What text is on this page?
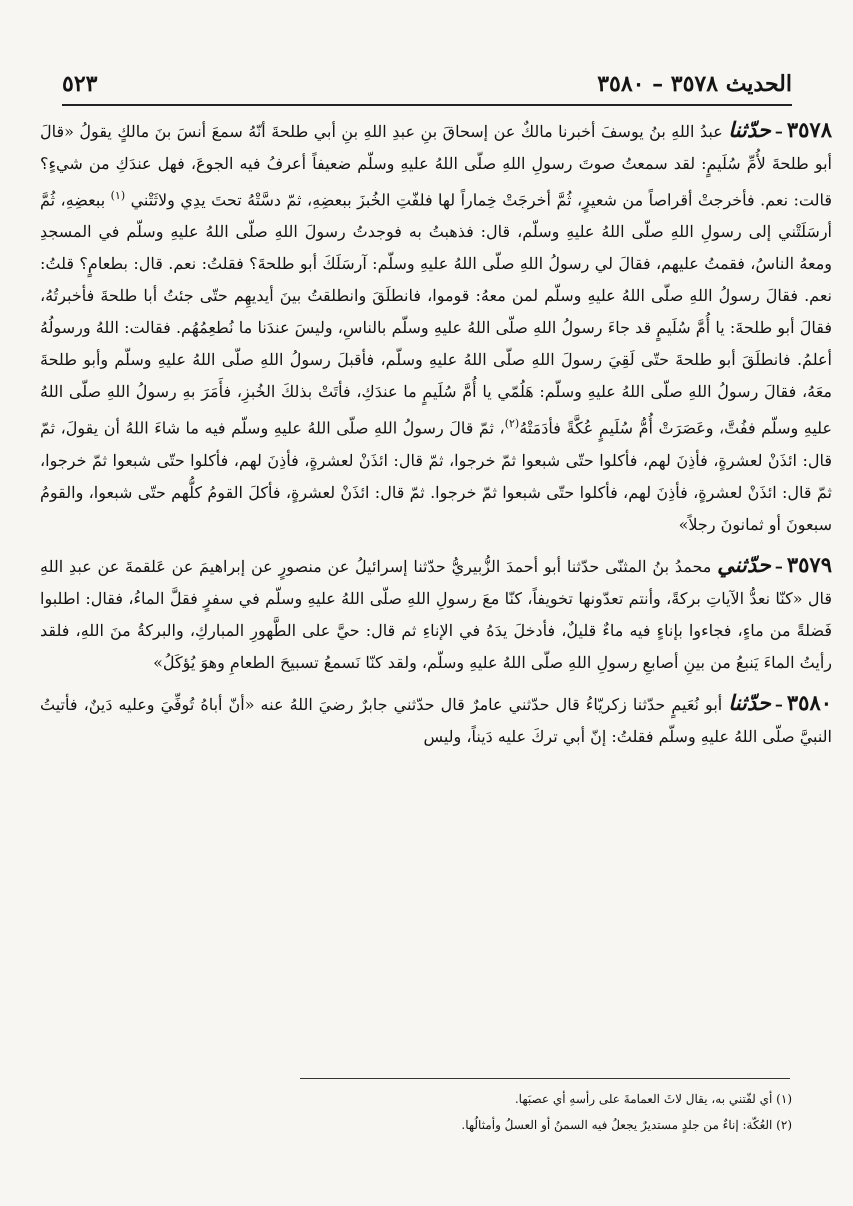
الحديث ٣٥٧٨ – ٣٥٨٠
٥٢٣

٣٥٧٨–حدّثنا عبدُ اللهِ بنُ يوسفَ أخبرنا مالكٌ عن إسحاقَ بنِ عبدِ اللهِ بنِ أبي طلحةَ أنّهُ سمعَ أنسَ بنَ مالكٍ يقولُ «قالَ أبو طلحةَ لأُمِّ سُلَيمٍ: لقد سمعتُ صوتَ رسولِ اللهِ صلّى اللهُ عليهِ وسلّم ضعيفاً أعرفُ فيه الجوعَ، فهل عندَكِ من شيءٍ؟ قالت: نعم. فأخرجتْ أقراصاً من شعيرٍ، ثُمَّ أخرجَتْ خِماراً لها فلفّتِ الخُبزَ ببعضِهِ، ثمّ دسَّتْهُ تحتَ يدِي ولاثَتْني $^{(١)}$ ببعضِهِ، ثُمَّ أرسَلَتْني إلى رسولِ اللهِ صلّى اللهُ عليهِ وسلّم، قال: فذهبتُ به فوجدتُ رسولَ اللهِ صلّى اللهُ عليهِ وسلّم في المسجدِ ومعهُ الناسُ، فقمتُ عليهم، فقالَ لي رسولُ اللهِ صلّى اللهُ عليهِ وسلّم: آرسَلَكَ أبو طلحةَ؟ فقلتُ: نعم. قال: بطعامٍ؟ قلتُ: نعم. فقالَ رسولُ اللهِ صلّى اللهُ عليهِ وسلّم لمن معهُ: قوموا، فانطلَقَ وانطلقتُ بينَ أيديهِم حتّى جئتُ أبا طلحةَ فأخبرتُهُ، فقالَ أبو طلحةَ: يا أُمَّ سُلَيمٍ قد جاءَ رسولُ اللهِ صلّى اللهُ عليهِ وسلّم بالناسِ، وليسَ عندَنا ما نُطعِمُهُم. فقالت: اللهُ ورسولُهُ أعلمُ. فانطلَقَ أبو طلحةَ حتّى لَقِيَ رسولَ اللهِ صلّى اللهُ عليهِ وسلّم، فأقبلَ رسولُ اللهِ صلّى اللهُ عليهِ وسلّم وأبو طلحةَ معَهُ، فقالَ رسولُ اللهِ صلّى اللهُ عليهِ وسلّم: هَلُمّي يا أُمَّ سُلَيمٍ ما عندَكِ، فأتَتْ بذلكَ الخُبزِ، فأَمَرَ بهِ رسولُ اللهِ صلّى اللهُ عليهِ وسلّم ففُتَّ، وعَصَرَتْ أُمُّ سُلَيمٍ عُكَّةً فأدَمَتْهُ$^{(٢)}$، ثمّ قالَ رسولُ اللهِ صلّى اللهُ عليهِ وسلّم فيه ما شاءَ اللهُ أن يقولَ، ثمّ قال: ائذَنْ لعشرةٍ، فأذِنَ لهم، فأكلوا حتّى شبعوا ثمّ خرجوا، ثمّ قال: ائذَنْ لعشرةٍ، فأذِنَ لهم، فأكلوا حتّى شبعوا ثمّ خرجوا، ثمّ قال: ائذَنْ لعشرةٍ، فأذِنَ لهم، فأكلوا حتّى شبعوا ثمّ خرجوا. ثمّ قال: ائذَنْ لعشرةٍ، فأكلَ القومُ كلُّهم حتّى شبعوا، والقومُ سبعونَ أو ثمانونَ رجلاً»

٣٥٧٩–حدّثني محمدُ بنُ المثنّى حدّثنا أبو أحمدَ الزُّبيريُّ حدّثنا إسرائيلُ عن منصورٍ عن إبراهيمَ عن عَلقمةَ عن عبدِ اللهِ قال «كنّا نعدُّ الآياتِ بركةً، وأنتم تعدّونها تخويفاً، كنّا معَ رسولِ اللهِ صلّى اللهُ عليهِ وسلّم في سفرٍ فقلَّ الماءُ، فقال: اطلبوا فَضلةً من ماءٍ، فجاءوا بإناءٍ فيه ماءٌ قليلٌ، فأدخلَ يدَهُ في الإناءِ ثم قال: حيَّ على الطَّهورِ المباركِ، والبركةُ منَ اللهِ، فلقد رأيتُ الماءَ يَنبعُ من بينِ أصابعِ رسولِ اللهِ صلّى اللهُ عليهِ وسلّم، ولقد كنّا نَسمعُ تسبيحَ الطعامِ وهوَ يُؤكَلُ»

٣٥٨٠–حدّثنا أبو نُعَيمٍ حدّثنا زكريّاءُ قال حدّثني عامرٌ قال حدّثني جابرٌ رضيَ اللهُ عنه «أنّ أباهُ تُوفِّيَ وعليه دَينٌ، فأتيتُ النبيَّ صلّى اللهُ عليهِ وسلّم فقلتُ: إنّ أبي تركَ عليه دَيناً، وليس

(١) أي لفّتني به، يقال لاثَ العمامةَ على رأسهِ أي عصبَها.

(٢) العُكّة: إناءٌ من جلدٍ مستديرٌ يجعلُ فيه السمنُ أو العسلُ وأمثالُها.
